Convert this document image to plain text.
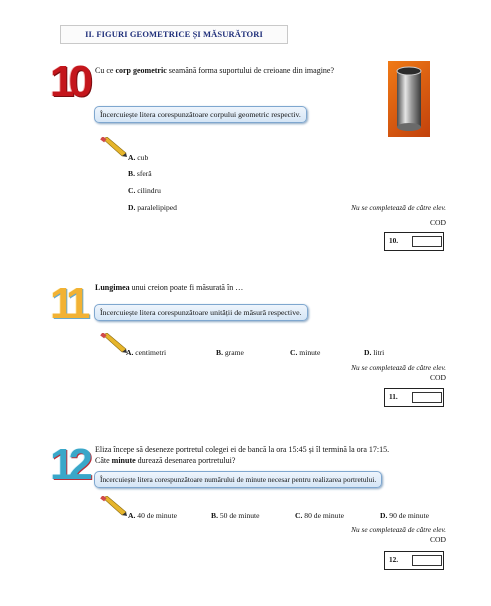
II. FIGURI GEOMETRICE ȘI MĂSURĂTORI
10 Cu ce corp geometric seamănă forma suportului de creioane din imagine?
Încercuiește litera corespunzătoare corpului geometric respectiv.
A. cub
B. sferă
C. cilindru
D. paralelipiped	Nu se completează de către elev.
COD
10.
11 Lungimea unui creion poate fi măsurată în …
Încercuiește litera corespunzătoare unității de măsură respective.
A. centimetri	B. grame	C. minute	D. litri
Nu se completează de către elev.
COD
11.
12 Eliza începe să deseneze portretul colegei ei de bancă la ora 15:45 și îl termină la ora 17:15.
Câte minute durează desenarea portretului?
Încercuiește litera corespunzătoare numărului de minute necesar pentru realizarea portretului.
A. 40 de minute	B. 50 de minute	C. 80 de minute	D. 90 de minute
Nu se completează de către elev.
COD
12.
